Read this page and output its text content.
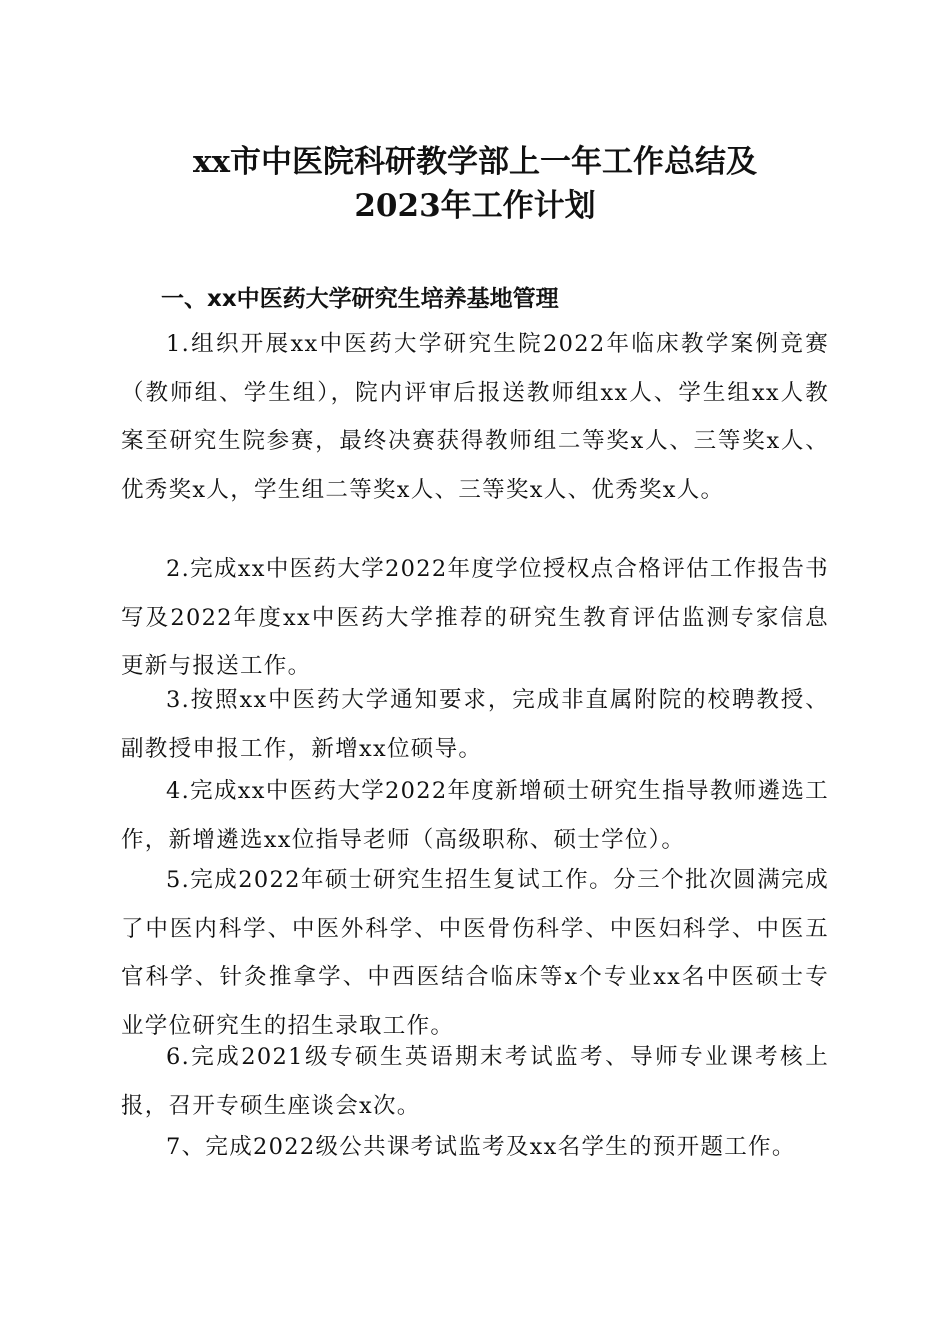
xx市中医院科研教学部上一年工作总结及
2023年工作计划
一、xx中医药大学研究生培养基地管理

1.组织开展xx中医药大学研究生院2022年临床教学案例竞赛（教师组、学生组），院内评审后报送教师组xx人、学生组xx人教案至研究生院参赛，最终决赛获得教师组二等奖x人、三等奖x人、优秀奖x人，学生组二等奖x人、三等奖x人、优秀奖x人。

2.完成xx中医药大学2022年度学位授权点合格评估工作报告书写及2022年度xx中医药大学推荐的研究生教育评估监测专家信息更新与报送工作。

3.按照xx中医药大学通知要求，完成非直属附院的校聘教授、副教授申报工作，新增xx位硕导。

4.完成xx中医药大学2022年度新增硕士研究生指导教师遴选工作，新增遴选xx位指导老师（高级职称、硕士学位）。

5.完成2022年硕士研究生招生复试工作。分三个批次圆满完成了中医内科学、中医外科学、中医骨伤科学、中医妇科学、中医五官科学、针灸推拿学、中西医结合临床等x个专业xx名中医硕士专业学位研究生的招生录取工作。

6.完成2021级专硕生英语期末考试监考、导师专业课考核上报，召开专硕生座谈会x次。

7、完成2022级公共课考试监考及xx名学生的预开题工作。
